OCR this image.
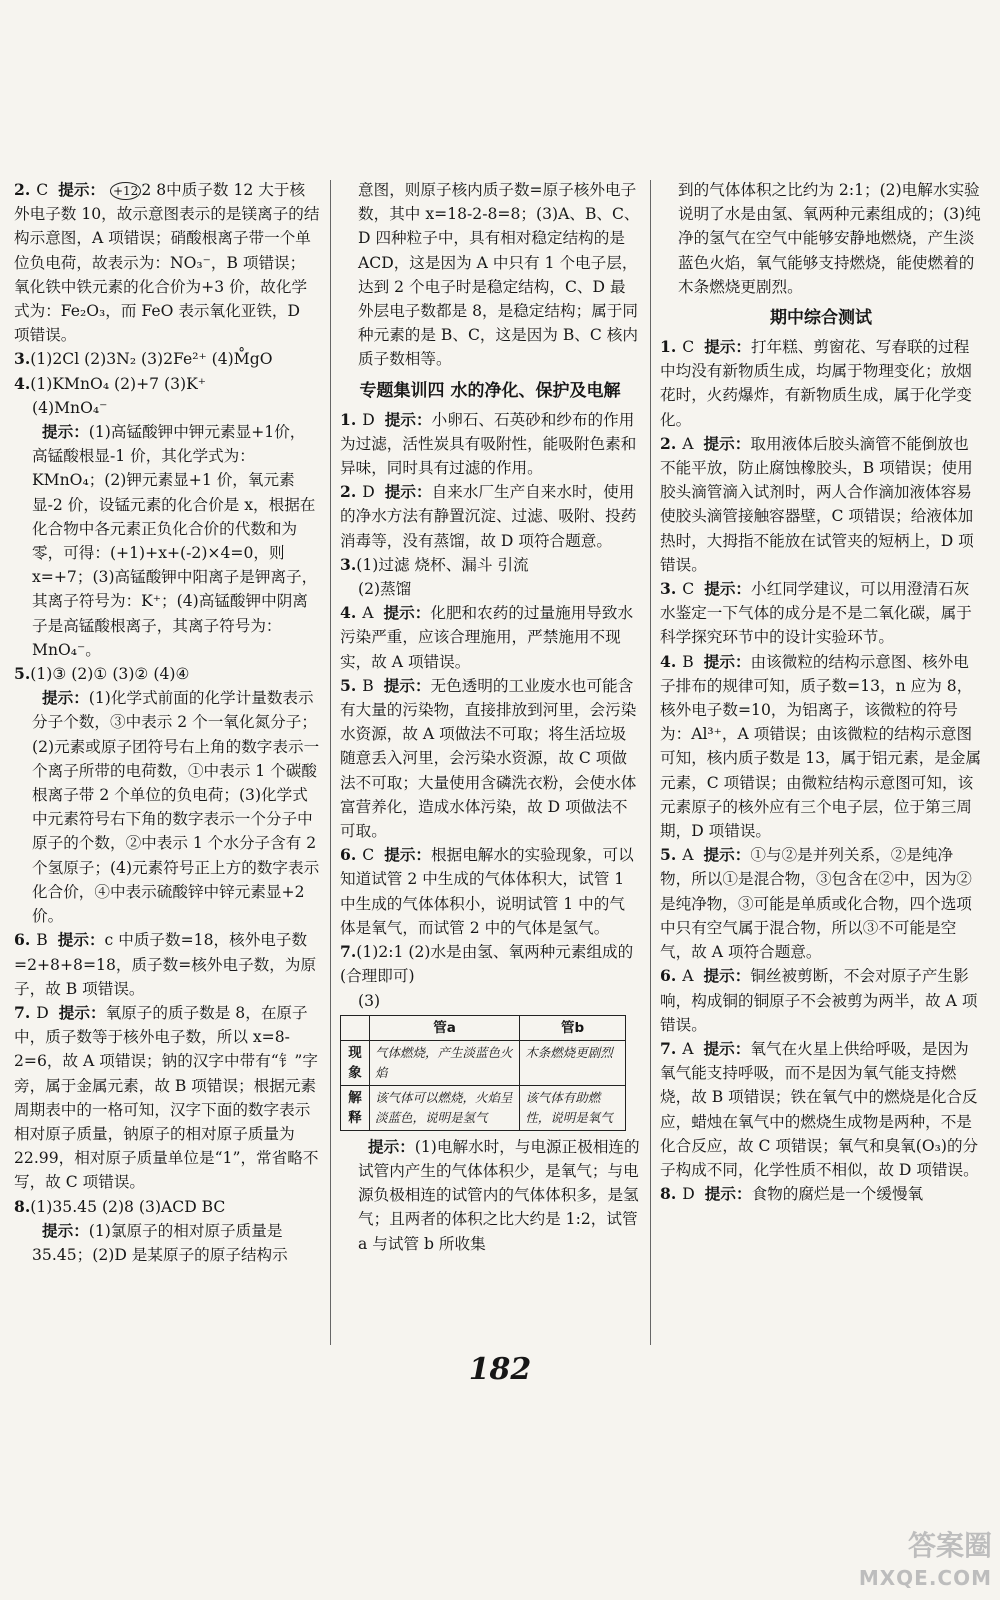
2. C 提示： +12 2 8中质子数 12 大于核外电子数 10，故示意图表示的是镁离子的结构示意图，A 项错误；硝酸根离子带一个单位负电荷，故表示为：NO₃⁻，B 项错误；氧化铁中铁元素的化合价为+3 价，故化学式为：Fe₂O₃，而 FeO 表示氧化亚铁，D 项错误。

3.(1)2Cl (2)3N₂ (3)2Fe²⁺ (4)M̊gO

4.(1)KMnO₄ (2)+7 (3)K⁺

(4)MnO₄⁻

提示：(1)高锰酸钾中钾元素显+1价，高锰酸根显-1 价，其化学式为：KMnO₄；(2)钾元素显+1 价，氧元素显-2 价，设锰元素的化合价是 x，根据在化合物中各元素正负化合价的代数和为零，可得：(+1)+x+(-2)×4=0，则 x=+7；(3)高锰酸钾中阳离子是钾离子，其离子符号为：K⁺；(4)高锰酸钾中阴离子是高锰酸根离子，其离子符号为：MnO₄⁻。

5.(1)③ (2)① (3)② (4)④

提示：(1)化学式前面的化学计量数表示分子个数，③中表示 2 个一氧化氮分子；(2)元素或原子团符号右上角的数字表示一个离子所带的电荷数，①中表示 1 个碳酸根离子带 2 个单位的负电荷；(3)化学式中元素符号右下角的数字表示一个分子中原子的个数，②中表示 1 个水分子含有 2 个氢原子；(4)元素符号正上方的数字表示化合价，④中表示硫酸锌中锌元素显+2 价。

6. B 提示：c 中质子数=18，核外电子数=2+8+8=18，质子数=核外电子数，为原子，故 B 项错误。

7. D 提示：氧原子的质子数是 8，在原子中，质子数等于核外电子数，所以 x=8-2=6，故 A 项错误；钠的汉字中带有“钅”字旁，属于金属元素，故 B 项错误；根据元素周期表中的一格可知，汉字下面的数字表示相对原子质量，钠原子的相对原子质量为 22.99，相对原子质量单位是“1”，常省略不写，故 C 项错误。

8.(1)35.45 (2)8 (3)ACD BC

提示：(1)氯原子的相对原子质量是 35.45；(2)D 是某原子的原子结构示

意图，则原子核内质子数=原子核外电子数，其中 x=18-2-8=8；(3)A、B、C、D 四种粒子中，具有相对稳定结构的是 ACD，这是因为 A 中只有 1 个电子层，达到 2 个电子时是稳定结构，C、D 最外层电子数都是 8，是稳定结构；属于同种元素的是 B、C，这是因为 B、C 核内质子数相等。

专题集训四 水的净化、保护及电解

1. D 提示：小卵石、石英砂和纱布的作用为过滤，活性炭具有吸附性，能吸附色素和异味，同时具有过滤的作用。

2. D 提示：自来水厂生产自来水时，使用的净水方法有静置沉淀、过滤、吸附、投药消毒等，没有蒸馏，故 D 项符合题意。

3.(1)过滤 烧杯、漏斗 引流

(2)蒸馏

4. A 提示：化肥和农药的过量施用导致水污染严重，应该合理施用，严禁施用不现实，故 A 项错误。

5. B 提示：无色透明的工业废水也可能含有大量的污染物，直接排放到河里，会污染水资源，故 A 项做法不可取；将生活垃圾随意丢入河里，会污染水资源，故 C 项做法不可取；大量使用含磷洗衣粉，会使水体富营养化，造成水体污染，故 D 项做法不可取。

6. C 提示：根据电解水的实验现象，可以知道试管 2 中生成的气体体积大，试管 1 中生成的气体体积小，说明试管 1 中的气体是氧气，而试管 2 中的气体是氢气。

7.(1)2:1 (2)水是由氢、氧两种元素组成的(合理即可)

(3)

	管a	管b
现象	气体燃烧，产生淡蓝色火焰	木条燃烧更剧烈
解释	该气体可以燃烧，火焰呈淡蓝色，说明是氢气	该气体有助燃性，说明是氧气

提示：(1)电解水时，与电源正极相连的试管内产生的气体体积少，是氧气；与电源负极相连的试管内的气体体积多，是氢气；且两者的体积之比大约是 1:2，试管 a 与试管 b 所收集

到的气体体积之比约为 2:1；(2)电解水实验说明了水是由氢、氧两种元素组成的；(3)纯净的氢气在空气中能够安静地燃烧，产生淡蓝色火焰，氧气能够支持燃烧，能使燃着的木条燃烧更剧烈。

期中综合测试

1. C 提示：打年糕、剪窗花、写春联的过程中均没有新物质生成，均属于物理变化；放烟花时，火药爆炸，有新物质生成，属于化学变化。

2. A 提示：取用液体后胶头滴管不能倒放也不能平放，防止腐蚀橡胶头，B 项错误；使用胶头滴管滴入试剂时，两人合作滴加液体容易使胶头滴管接触容器壁，C 项错误；给液体加热时，大拇指不能放在试管夹的短柄上，D 项错误。

3. C 提示：小红同学建议，可以用澄清石灰水鉴定一下气体的成分是不是二氧化碳，属于科学探究环节中的设计实验环节。

4. B 提示：由该微粒的结构示意图、核外电子排布的规律可知，质子数=13，n 应为 8，核外电子数=10，为铝离子，该微粒的符号为：Al³⁺，A 项错误；由该微粒的结构示意图可知，核内质子数是 13，属于铝元素，是金属元素，C 项错误；由微粒结构示意图可知，该元素原子的核外应有三个电子层，位于第三周期，D 项错误。

5. A 提示：①与②是并列关系，②是纯净物，所以①是混合物，③包含在②中，因为②是纯净物，③可能是单质或化合物，四个选项中只有空气属于混合物，所以③不可能是空气，故 A 项符合题意。

6. A 提示：铜丝被剪断，不会对原子产生影响，构成铜的铜原子不会被剪为两半，故 A 项错误。

7. A 提示：氧气在火星上供给呼吸，是因为氧气能支持呼吸，而不是因为氧气能支持燃烧，故 B 项错误；铁在氧气中的燃烧是化合反应，蜡烛在氧气中的燃烧生成物是两种，不是化合反应，故 C 项错误；氧气和臭氧(O₃)的分子构成不同，化学性质不相似，故 D 项错误。

8. D 提示：食物的腐烂是一个缓慢氧

182
答案圈
MXQE.COM
